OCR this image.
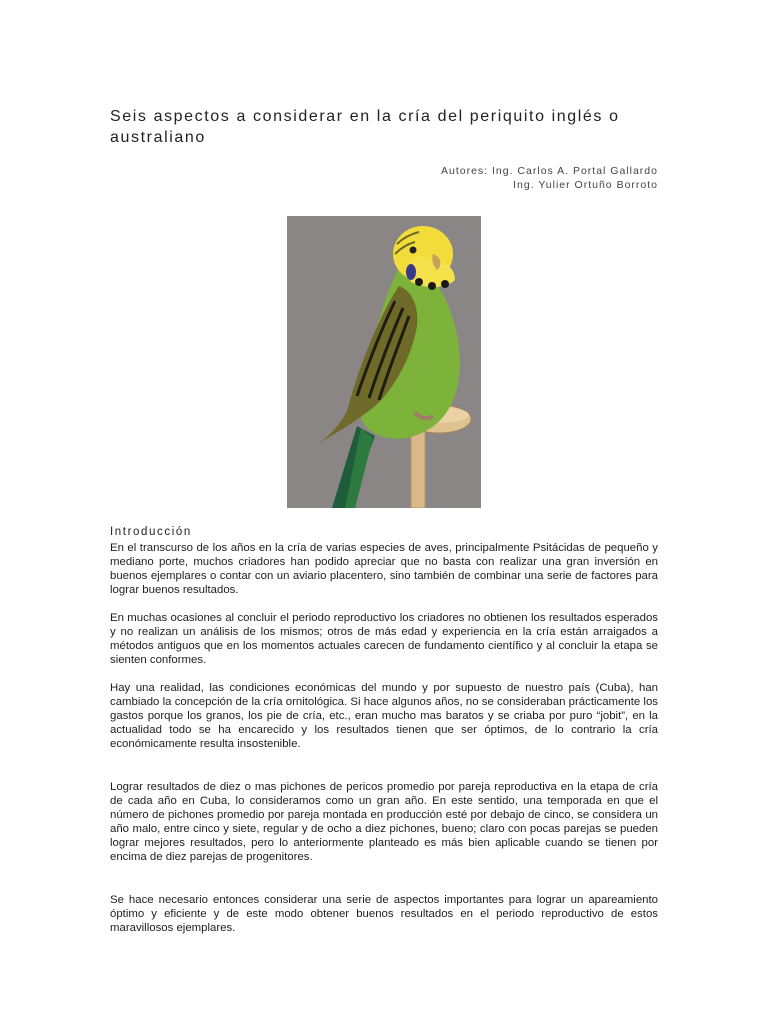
Seis aspectos a considerar en la cría del periquito inglés o australiano
Autores: Ing. Carlos A. Portal Gallardo
Ing. Yulier Ortuño Borroto
Introducción

En el transcurso de los años en la cría de varias especies de aves, principalmente Psitácidas de pequeño y mediano porte, muchos criadores han podido apreciar que no basta con realizar una gran inversión en buenos ejemplares o contar con un aviario placentero, sino también de combinar una serie de factores para lograr buenos resultados.

En muchas ocasiones al concluir el periodo reproductivo los criadores no obtienen los resultados esperados y no realizan un análisis de los mismos; otros de más edad y experiencia en la cría están arraigados a métodos antiguos que en los momentos actuales carecen de fundamento científico y al concluir la etapa se sienten conformes.

Hay una realidad, las condiciones económicas del mundo y por supuesto de nuestro país (Cuba), han cambiado la concepción de la cría ornitológica. Si hace algunos años, no se consideraban prácticamente los gastos porque los granos, los pie de cría, etc., eran mucho mas baratos y se criaba por puro “jobit”, en la actualidad todo se ha encarecido y los resultados tienen que ser óptimos, de lo contrario la cría económicamente resulta insostenible.

Lograr resultados de diez o mas pichones de pericos promedio por pareja reproductiva en la etapa de cría de cada año en Cuba, lo consideramos como un gran año. En este sentido, una temporada en que el número de pichones promedio por pareja montada en producción esté por debajo de cinco, se considera un año malo, entre cinco y siete, regular y de ocho a diez pichones, bueno; claro con pocas parejas se pueden lograr mejores resultados, pero lo anteriormente planteado es más bien aplicable cuando se tienen por encima de diez parejas de progenitores.

Se hace necesario entonces considerar una serie de aspectos importantes para lograr un apareamiento óptimo y eficiente y de este modo obtener buenos resultados en el periodo reproductivo de estos maravillosos ejemplares.
